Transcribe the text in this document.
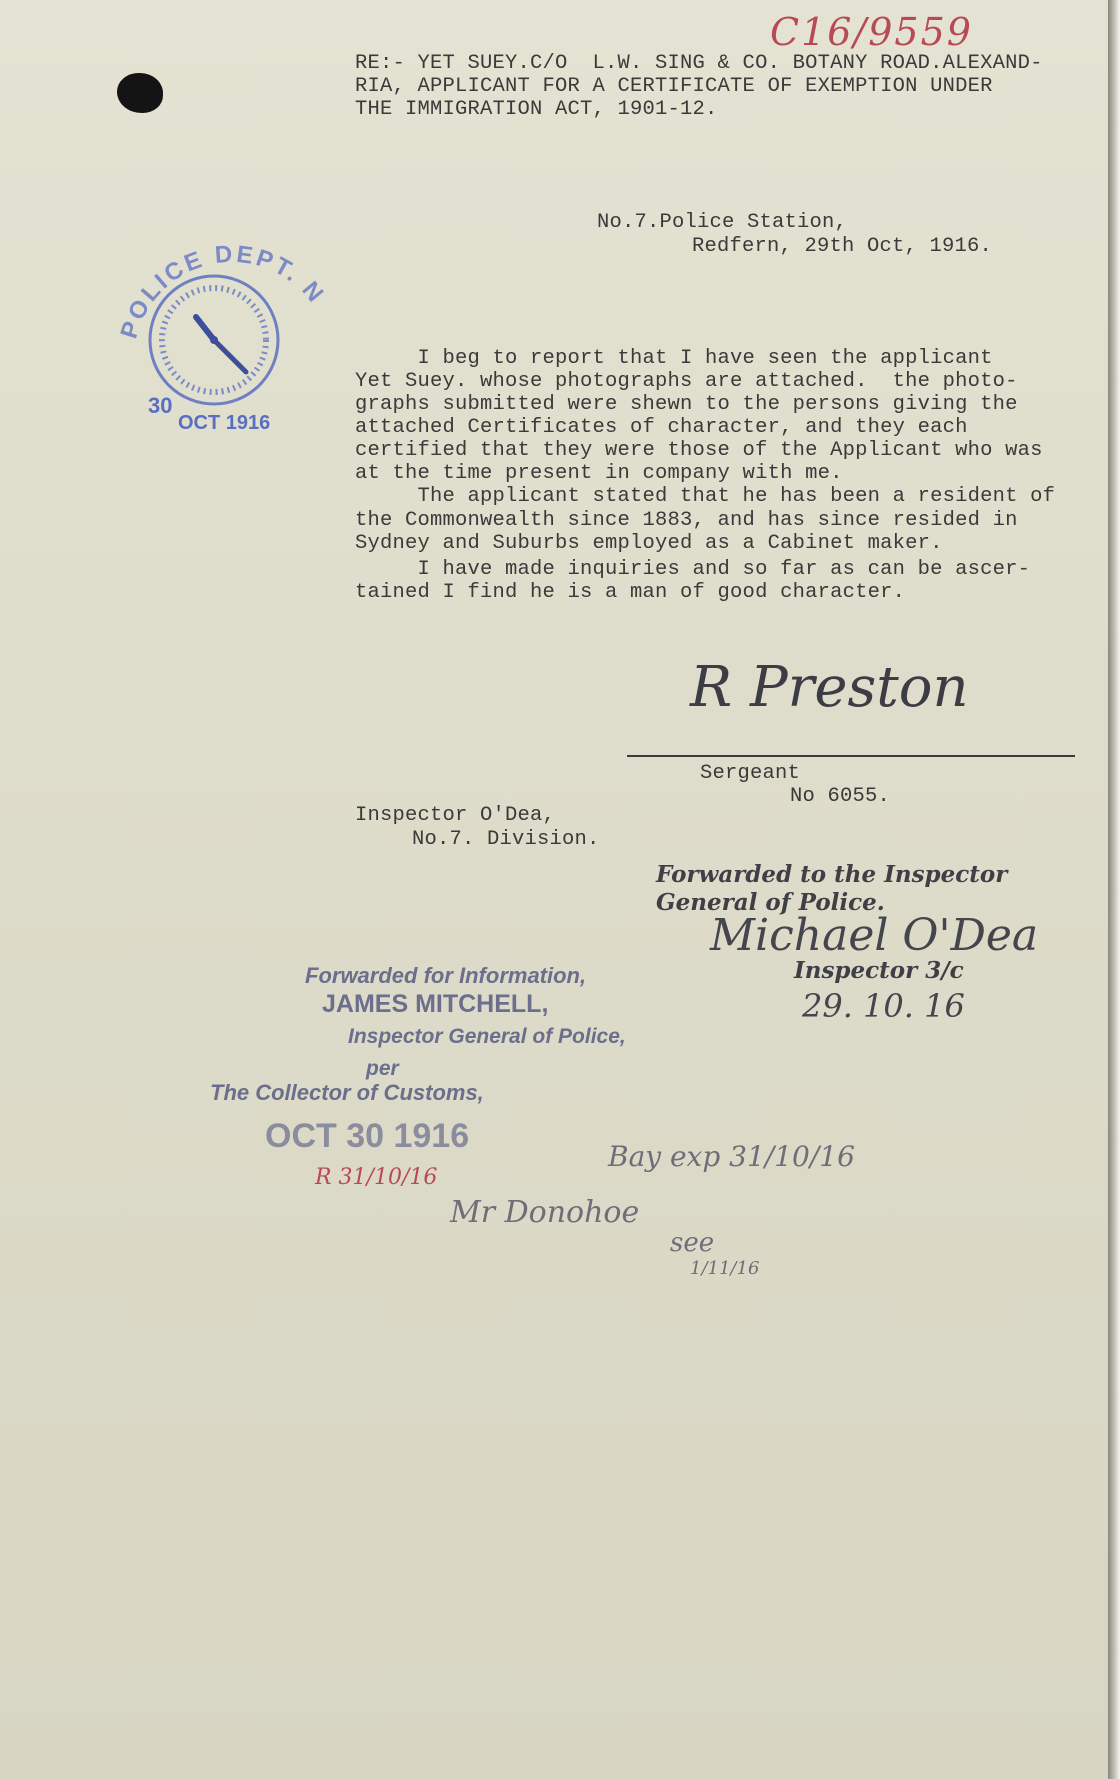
C16/9559
RE:- YET SUEY.C/O  L.W. SING & CO. BOTANY ROAD.ALEXAND-
RIA, APPLICANT FOR A CERTIFICATE OF EXEMPTION UNDER
THE IMMIGRATION ACT, 1901-12.
No.7.Police Station,
Redfern, 29th Oct, 1916.
POLICE DEPT. N
30
OCT 1916
I beg to report that I have seen the applicant
Yet Suey. whose photographs are attached.  the photo-
graphs submitted were shewn to the persons giving the
attached Certificates of character, and they each
certified that they were those of the Applicant who was
at the time present in company with me.
The applicant stated that he has been a resident of
the Commonwealth since 1883, and has since resided in
Sydney and Suburbs employed as a Cabinet maker.
I have made inquiries and so far as can be ascer-
tained I find he is a man of good character.
R Preston
Sergeant
No 6055.
Inspector O'Dea,
No.7. Division.
Forwarded to the Inspector
General of Police.
Michael O'Dea
Inspector 3/c
29. 10. 16
Forwarded for Information,
JAMES MITCHELL,
Inspector General of Police,
per
The Collector of Customs,
OCT 30 1916
R 31/10/16
Bay exp 31/10/16
Mr Donohoe
see
1/11/16
